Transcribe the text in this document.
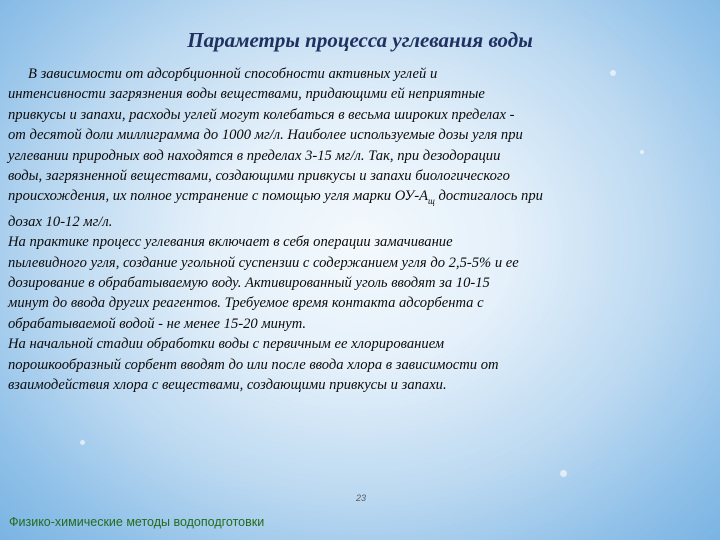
Параметры процесса углевания воды
В зависимости от адсорбционной способности активных углей и
интенсивности загрязнения воды веществами, придающими ей неприятные
привкусы и запахи, расходы углей могут колебаться в весьма широких пределах -
от десятой доли миллиграмма до 1000 мг/л. Наиболее используемые дозы угля при
углевании природных вод находятся в пределах 3-15 мг/л. Так, при дезодорации
воды, загрязненной веществами, создающими привкусы и запахи биологического
происхождения, их полное устранение с помощью угля марки $ОУ-А_щ$ достигалось при
дозах 10-12 мг/л.
На практике процесс углевания включает в себя операции замачивание
пылевидного угля, создание угольной суспензии с содержанием угля до 2,5-5% и ее
дозирование в обрабатываемую воду. Активированный уголь вводят за 10-15
минут до ввода других реагентов. Требуемое время контакта адсорбента с
обрабатываемой водой - не менее 15-20 минут.
На начальной стадии обработки воды с первичным ее хлорированием
порошкообразный сорбент вводят до или после ввода хлора в зависимости от
взаимодействия хлора с веществами, создающими привкусы и запахи.
23
Физико-химические методы водоподготовки
